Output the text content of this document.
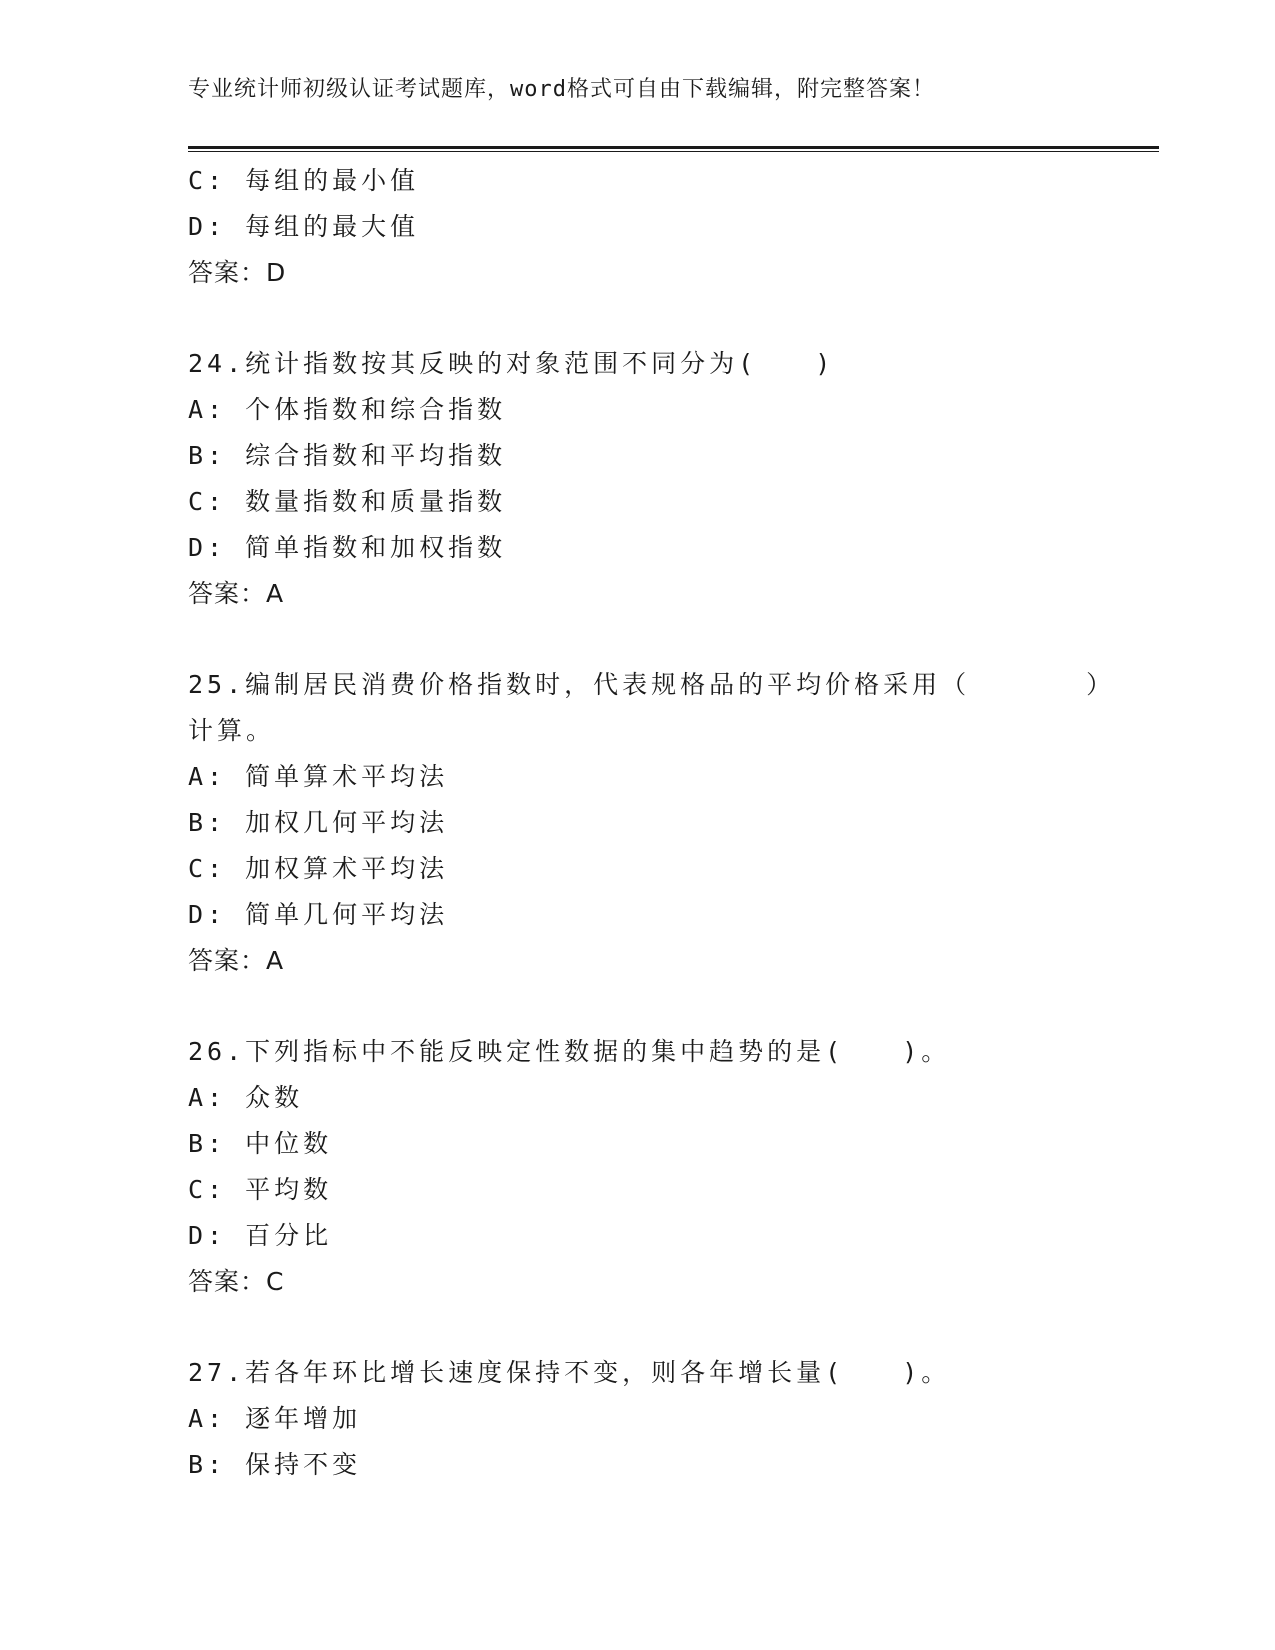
专业统计师初级认证考试题库，word格式可自由下载编辑，附完整答案！
C: 每组的最小值
D: 每组的最大值
答案：D
24.统计指数按其反映的对象范围不同分为(　　)
A: 个体指数和综合指数
B: 综合指数和平均指数
C: 数量指数和质量指数
D: 简单指数和加权指数
答案：A
25.编制居民消费价格指数时，代表规格品的平均价格采用（　　　　）
计算。
A: 简单算术平均法
B: 加权几何平均法
C: 加权算术平均法
D: 简单几何平均法
答案：A
26.下列指标中不能反映定性数据的集中趋势的是(　　)。
A: 众数
B: 中位数
C: 平均数
D: 百分比
答案：C
27.若各年环比增长速度保持不变，则各年增长量(　　)。
A: 逐年增加
B: 保持不变
